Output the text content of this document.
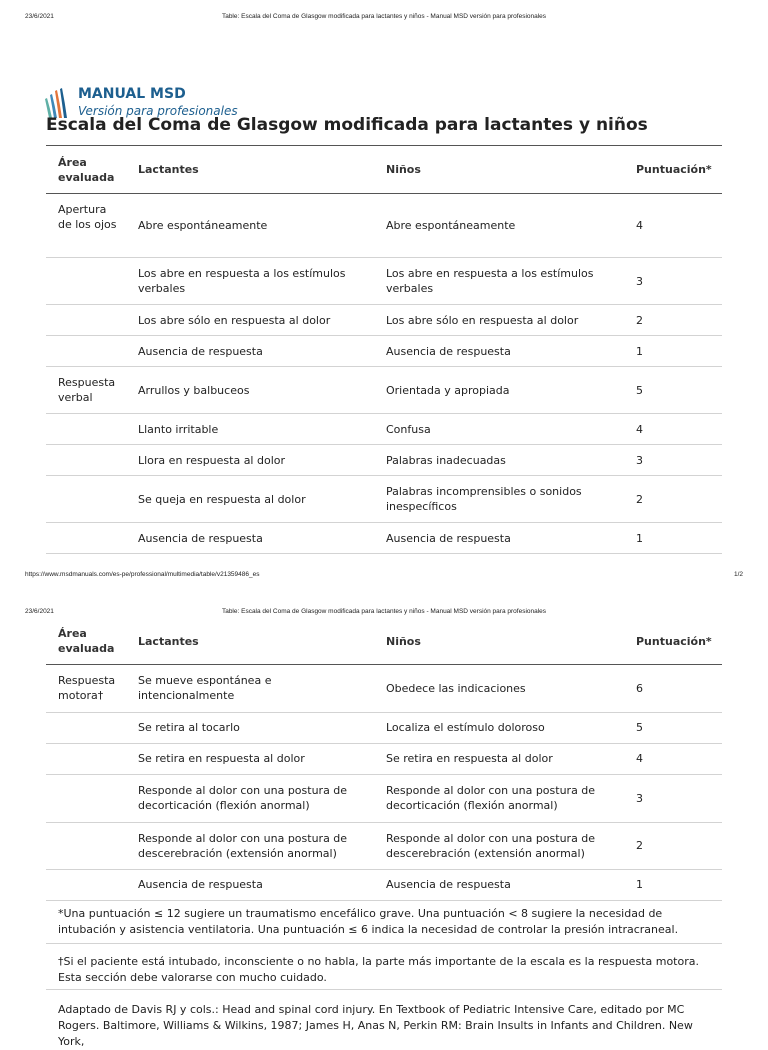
23/6/2021	Table: Escala del Coma de Glasgow modificada para lactantes y niños - Manual MSD versión para profesionales
MANUAL MSD
Versión para profesionales
Escala del Coma de Glasgow modificada para lactantes y niños
Área evaluada	Lactantes	Niños	Puntuación*
Apertura de los ojos	Abre espontáneamente	Abre espontáneamente	4
	Los abre en respuesta a los estímulos verbales	Los abre en respuesta a los estímulos verbales	3
	Los abre sólo en respuesta al dolor	Los abre sólo en respuesta al dolor	2
	Ausencia de respuesta	Ausencia de respuesta	1
Respuesta verbal	Arrullos y balbuceos	Orientada y apropiada	5
	Llanto irritable	Confusa	4
	Llora en respuesta al dolor	Palabras inadecuadas	3
	Se queja en respuesta al dolor	Palabras incomprensibles o sonidos inespecíficos	2
	Ausencia de respuesta	Ausencia de respuesta	1
https://www.msdmanuals.com/es-pe/professional/multimedia/table/v21359486_es	1/2
23/6/2021	Table: Escala del Coma de Glasgow modificada para lactantes y niños - Manual MSD versión para profesionales
Área evaluada	Lactantes	Niños	Puntuación*
Respuesta motora†	Se mueve espontánea e intencionalmente	Obedece las indicaciones	6
	Se retira al tocarlo	Localiza el estímulo doloroso	5
	Se retira en respuesta al dolor	Se retira en respuesta al dolor	4
	Responde al dolor con una postura de decorticación (flexión anormal)	Responde al dolor con una postura de decorticación (flexión anormal)	3
	Responde al dolor con una postura de descerebración (extensión anormal)	Responde al dolor con una postura de descerebración (extensión anormal)	2
	Ausencia de respuesta	Ausencia de respuesta	1
*Una puntuación ≤ 12 sugiere un traumatismo encefálico grave. Una puntuación < 8 sugiere la necesidad de intubación y asistencia ventilatoria. Una puntuación ≤ 6 indica la necesidad de controlar la presión intracraneal.
†Si el paciente está intubado, inconsciente o no habla, la parte más importante de la escala es la respuesta motora. Esta sección debe valorarse con mucho cuidado.
Adaptado de Davis RJ y cols.: Head and spinal cord injury. En Textbook of Pediatric Intensive Care, editado por MC Rogers. Baltimore, Williams & Wilkins, 1987; James H, Anas N, Perkin RM: Brain Insults in Infants and Children. New York,
